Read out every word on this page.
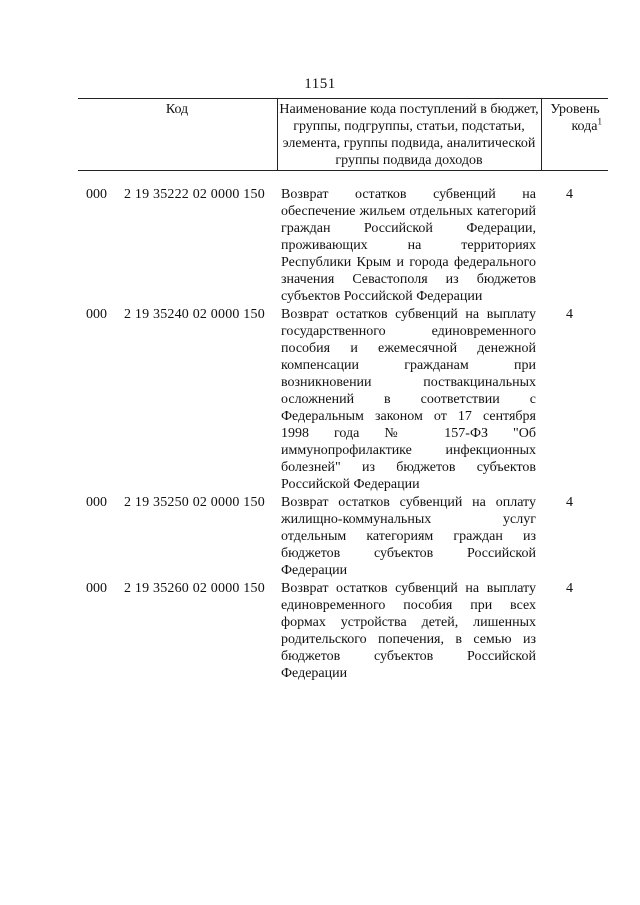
1151
Код	Наименование кода поступлений в бюджет, группы, подгруппы, статьи, подстатьи, элемента, группы подвида, аналитической группы подвида доходов
Уровень
кода$^1$
000 2 19 35222 02 0000 150 Возврат остатков субвенций на обеспечение жильем отдельных категорий граждан Российской Федерации, проживающих на территориях Республики Крым и города федерального значения Севастополя из бюджетов субъектов Российской Федерации
4
000 2 19 35240 02 0000 150 Возврат остатков субвенций на выплату государственного единовременного пособия и ежемесячной денежной компенсации гражданам при возникновении поствакцинальных осложнений в соответствии с Федеральным законом от 17 сентября 1998 года № 157-ФЗ "Об иммунопрофилактике инфекционных болезней" из бюджетов субъектов Российской Федерации
4
000 2 19 35250 02 0000 150 Возврат остатков субвенций на оплату жилищно-коммунальных услуг отдельным категориям граждан из бюджетов субъектов Российской Федерации
4
000 2 19 35260 02 0000 150 Возврат остатков субвенций на выплату единовременного пособия при всех формах устройства детей, лишенных родительского попечения, в семью из бюджетов субъектов Российской Федерации
4
